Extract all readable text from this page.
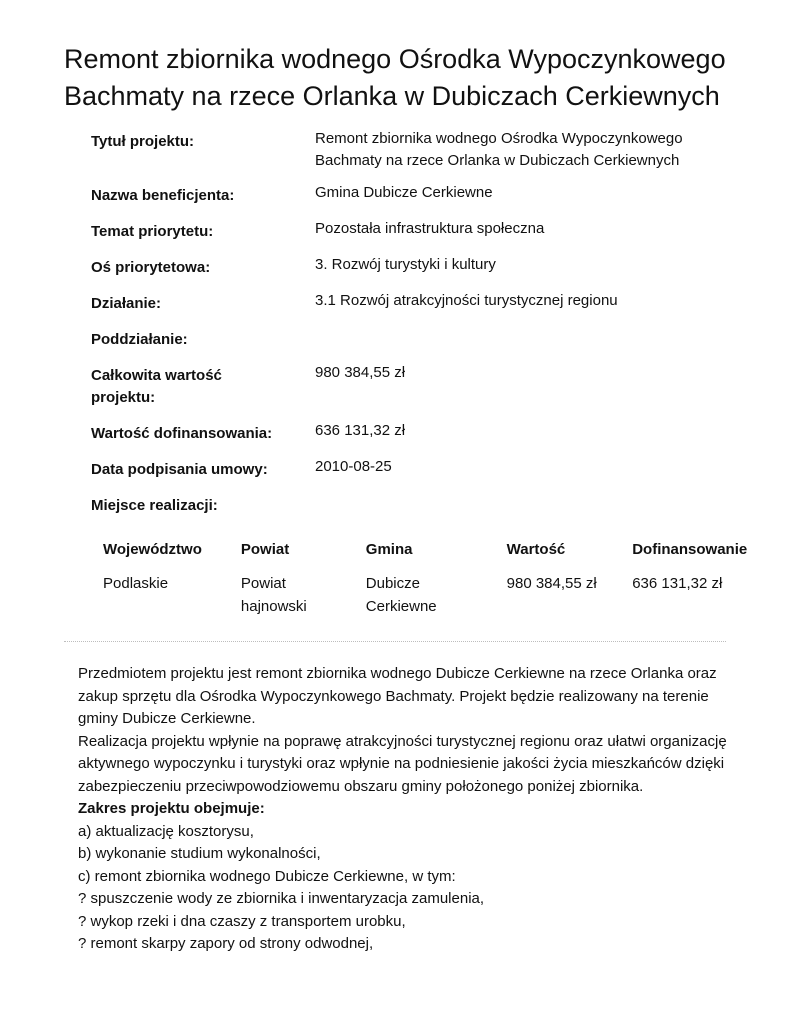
Remont zbiornika wodnego Ośrodka Wypoczynkowego Bachmaty na rzece Orlanka w Dubiczach Cerkiewnych
Tytuł projektu:	Remont zbiornika wodnego Ośrodka Wypoczynkowego Bachmaty na rzece Orlanka w Dubiczach Cerkiewnych
Nazwa beneficjenta:	Gmina Dubicze Cerkiewne
Temat priorytetu:	Pozostała infrastruktura społeczna
Oś priorytetowa:	3. Rozwój turystyki i kultury
Działanie:	3.1 Rozwój atrakcyjności turystycznej regionu
Poddziałanie:
Całkowita wartość projektu:
980 384,55 zł
Wartość dofinansowania:	636 131,32 zł
Data podpisania umowy:	2010-08-25
Miejsce realizacji:
Województwo	Powiat	Gmina	Wartość	Dofinansowanie
Podlaskie	Powiat hajnowski	Dubicze Cerkiewne	980 384,55 zł	636 131,32 zł

Przedmiotem projektu jest remont zbiornika wodnego Dubicze Cerkiewne na rzece Orlanka oraz zakup sprzętu dla Ośrodka Wypoczynkowego Bachmaty. Projekt będzie realizowany na terenie gminy Dubicze Cerkiewne.

Realizacja projektu wpłynie na poprawę atrakcyjności turystycznej regionu oraz ułatwi organizację aktywnego wypoczynku i turystyki oraz wpłynie na podniesienie jakości życia mieszkańców dzięki zabezpieczeniu przeciwpowodziowemu obszaru gminy położonego poniżej zbiornika.

Zakres projektu obejmuje:

a) aktualizację kosztorysu,

b) wykonanie studium wykonalności,

c) remont zbiornika wodnego Dubicze Cerkiewne, w tym:

? spuszczenie wody ze zbiornika i inwentaryzacja zamulenia,

? wykop rzeki i dna czaszy z transportem urobku,

? remont skarpy zapory od strony odwodnej,
